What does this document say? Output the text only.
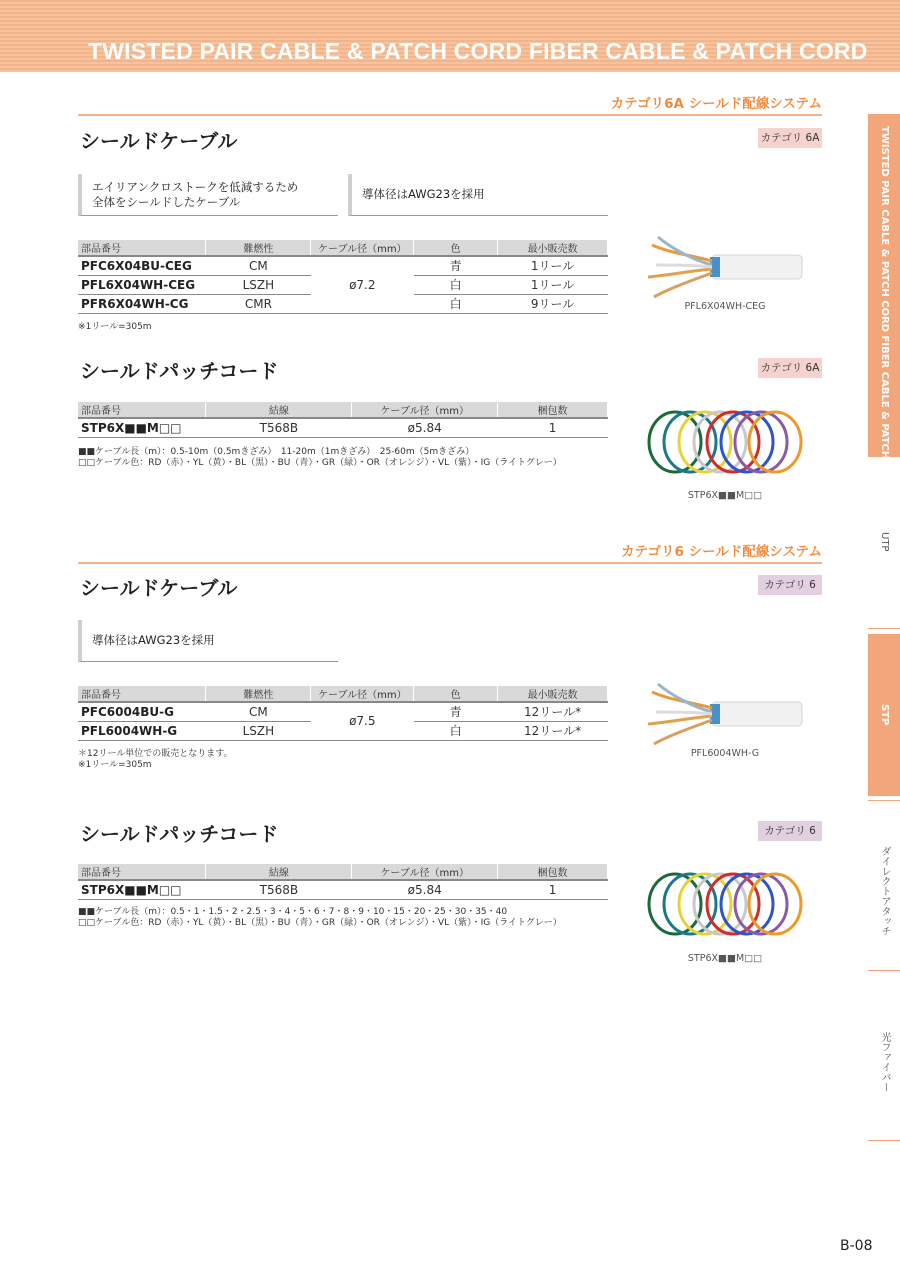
TWISTED PAIR CABLE & PATCH CORD FIBER CABLE & PATCH CORD
TWISTED PAIR CABLE & PATCH CORD FIBER CABLE & PATCH CORD
UTP
STP
ダイレクトアタッチ
光ファイバー
カテゴリ6A シールド配線システム
シールドケーブル	カテゴリ 6A
エイリアンクロストークを低減するため
全体をシールドしたケーブル
導体径はAWG23を採用
部品番号	難燃性	ケーブル径（mm）	色	最小販売数
PFC6X04BU-CEG	CM	ø7.2	青	1リール
PFL6X04WH-CEG	LSZH		白	1リール
PFR6X04WH-CG	CMR		白	9リール
※1リール=305m
PFL6X04WH-CEG
シールドパッチコード	カテゴリ 6A
部品番号	結線	ケーブル径（mm）	梱包数
STP6X■■M□□	T568B	ø5.84	1
■■ケーブル長（m）：0.5-10m（0.5mきざみ）　11-20m（1mきざみ）　25-60m（5mきざみ）
□□ケーブル色：RD（赤）・YL（黄）・BL（黒）・BU（青）・GR（緑）・OR（オレンジ）・VL（紫）・IG（ライトグレー）
STP6X■■M□□
カテゴリ6 シールド配線システム
シールドケーブル	カテゴリ 6
導体径はAWG23を採用
部品番号	難燃性	ケーブル径（mm）	色	最小販売数
PFC6004BU-G	CM	ø7.5	青	12リール*
PFL6004WH-G	LSZH		白	12リール*
＊12リール単位での販売となります。
※1リール=305m
PFL6004WH-G
シールドパッチコード	カテゴリ 6
部品番号	結線	ケーブル径（mm）	梱包数
STP6X■■M□□	T568B	ø5.84	1
■■ケーブル長（m）：0.5・1・1.5・2・2.5・3・4・5・6・7・8・9・10・15・20・25・30・35・40
□□ケーブル色：RD（赤）・YL（黄）・BL（黒）・BU（青）・GR（緑）・OR（オレンジ）・VL（紫）・IG（ライトグレー）
STP6X■■M□□
B-08
